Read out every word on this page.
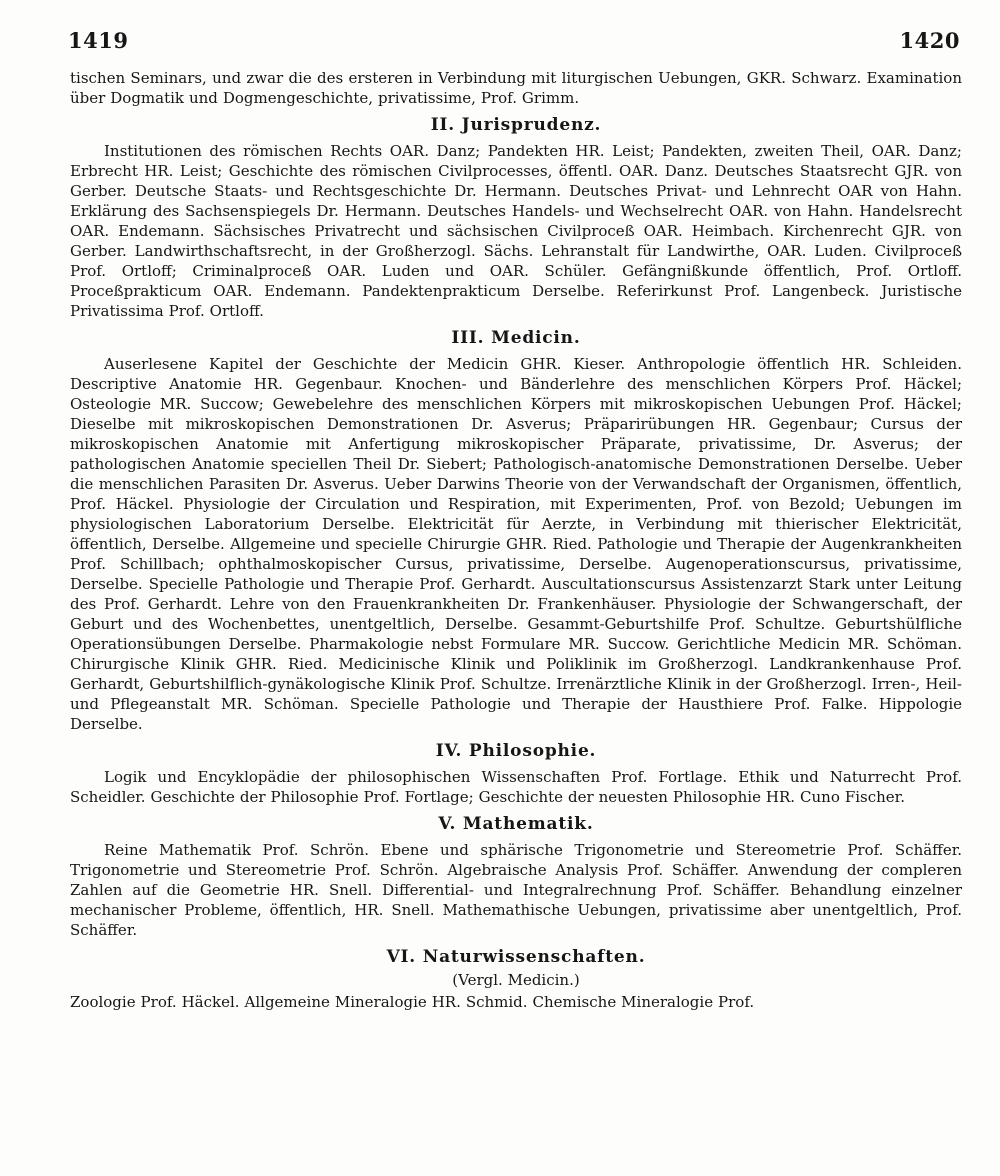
1419	1420

tischen Seminars, und zwar die des ersteren in Verbindung mit liturgischen Uebungen, GKR. Schwarz. Examination über Dogmatik und Dogmengeschichte, privatissime, Prof. Grimm.

II. Jurisprudenz.

Institutionen des römischen Rechts OAR. Danz; Pandekten HR. Leist; Pandekten, zweiten Theil, OAR. Danz; Erbrecht HR. Leist; Geschichte des römischen Civilprocesses, öffentl. OAR. Danz. Deutsches Staatsrecht GJR. von Gerber. Deutsche Staats- und Rechtsgeschichte Dr. Hermann. Deutsches Privat- und Lehnrecht OAR von Hahn. Erklärung des Sachsenspiegels Dr. Hermann. Deutsches Handels- und Wechselrecht OAR. von Hahn. Handelsrecht OAR. Endemann. Sächsisches Privatrecht und sächsischen Civilproceß OAR. Heimbach. Kirchenrecht GJR. von Gerber. Landwirthschaftsrecht, in der Großherzogl. Sächs. Lehranstalt für Landwirthe, OAR. Luden. Civilproceß Prof. Ortloff; Criminalproceß OAR. Luden und OAR. Schüler. Gefängnißkunde öffentlich, Prof. Ortloff. Proceßprakticum OAR. Endemann. Pandektenprakticum Derselbe. Referirkunst Prof. Langenbeck. Juristische Privatissima Prof. Ortloff.

III. Medicin.

Auserlesene Kapitel der Geschichte der Medicin GHR. Kieser. Anthropologie öffentlich HR. Schleiden. Descriptive Anatomie HR. Gegenbaur. Knochen- und Bänderlehre des menschlichen Körpers Prof. Häckel; Osteologie MR. Succow; Gewebelehre des menschlichen Körpers mit mikroskopischen Uebungen Prof. Häckel; Dieselbe mit mikroskopischen Demonstrationen Dr. Asverus; Präparirübungen HR. Gegenbaur; Cursus der mikroskopischen Anatomie mit Anfertigung mikroskopischer Präparate, privatissime, Dr. Asverus; der pathologischen Anatomie speciellen Theil Dr. Siebert; Pathologisch-anatomische Demonstrationen Derselbe. Ueber die menschlichen Parasiten Dr. Asverus. Ueber Darwins Theorie von der Verwandschaft der Organismen, öffentlich, Prof. Häckel. Physiologie der Circulation und Respiration, mit Experimenten, Prof. von Bezold; Uebungen im physiologischen Laboratorium Derselbe. Elektricität für Aerzte, in Verbindung mit thierischer Elektricität, öffentlich, Derselbe. Allgemeine und specielle Chirurgie GHR. Ried. Pathologie und Therapie der Augenkrankheiten Prof. Schillbach; ophthalmoskopischer Cursus, privatissime, Derselbe. Augenoperationscursus, privatissime, Derselbe. Specielle Pathologie und Therapie Prof. Gerhardt. Auscultationscursus Assistenzarzt Stark unter Leitung des Prof. Gerhardt. Lehre von den Frauenkrankheiten Dr. Frankenhäuser. Physiologie der Schwangerschaft, der Geburt und des Wochenbettes, unentgeltlich, Derselbe. Gesammt-Geburtshilfe Prof. Schultze. Geburtshülfliche Operationsübungen Derselbe. Pharmakologie nebst Formulare MR. Succow. Gerichtliche Medicin MR. Schöman. Chirurgische Klinik GHR. Ried. Medicinische Klinik und Poliklinik im Großherzogl. Landkrankenhause Prof. Gerhardt, Geburtshilflich-gynäkologische Klinik Prof. Schultze. Irrenärztliche Klinik in der Großherzogl. Irren-, Heil- und Pflegeanstalt MR. Schöman. Specielle Pathologie und Therapie der Hausthiere Prof. Falke. Hippologie Derselbe.

IV. Philosophie.

Logik und Encyklopädie der philosophischen Wissenschaften Prof. Fortlage. Ethik und Naturrecht Prof. Scheidler. Geschichte der Philosophie Prof. Fortlage; Geschichte der neuesten Philosophie HR. Cuno Fischer.

V. Mathematik.

Reine Mathematik Prof. Schrön. Ebene und sphärische Trigonometrie und Stereometrie Prof. Schäffer. Trigonometrie und Stereometrie Prof. Schrön. Algebraische Analysis Prof. Schäffer. Anwendung der compleren Zahlen auf die Geometrie HR. Snell. Differential- und Integralrechnung Prof. Schäffer. Behandlung einzelner mechanischer Probleme, öffentlich, HR. Snell. Mathemathische Uebungen, privatissime aber unentgeltlich, Prof. Schäffer.

VI. Naturwissenschaften.
(Vergl. Medicin.)

Zoologie Prof. Häckel. Allgemeine Mineralogie HR. Schmid. Chemische Mineralogie Prof.
